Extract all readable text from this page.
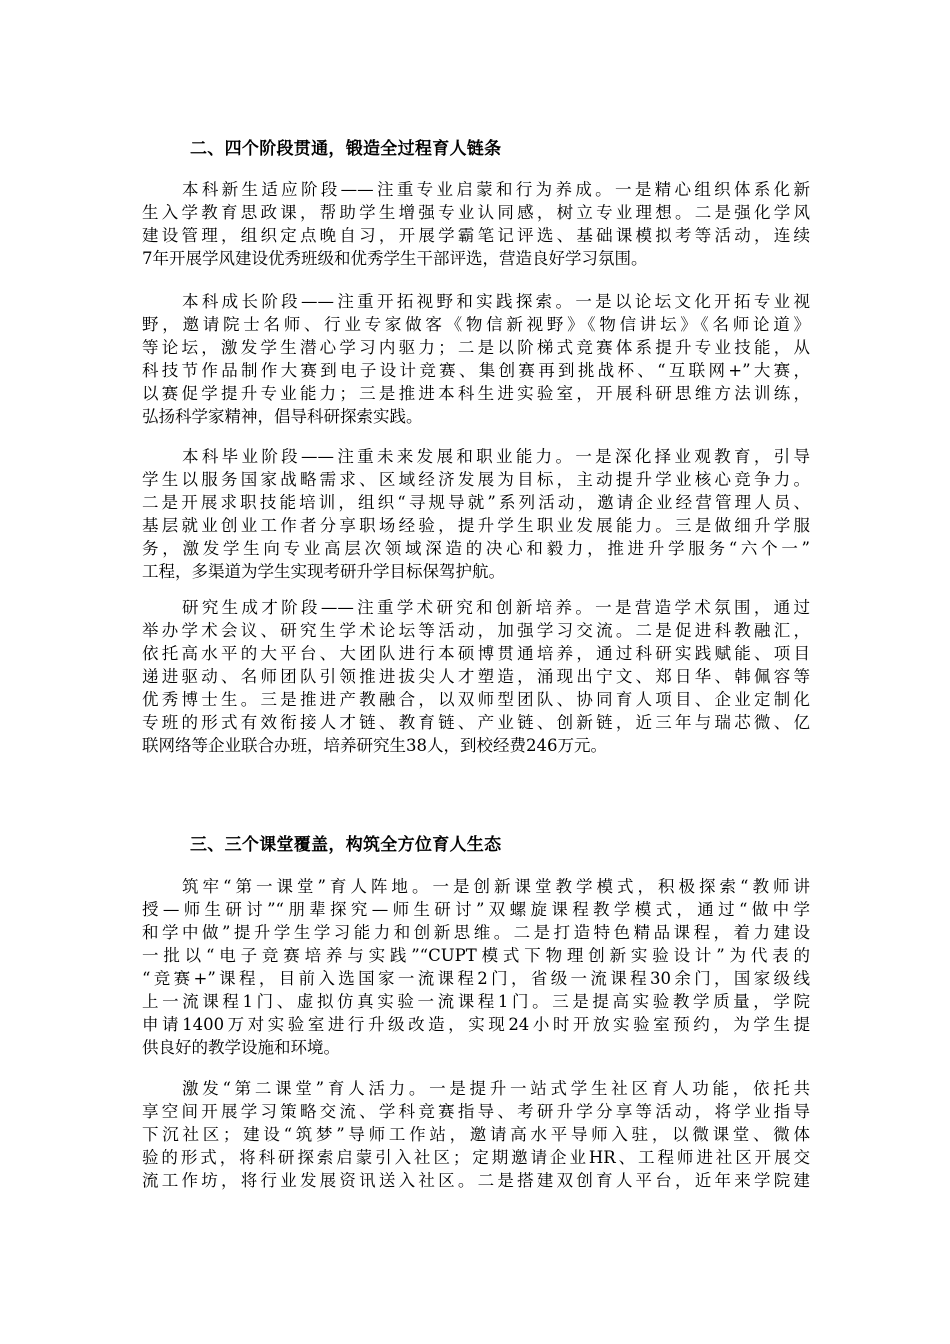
二、四个阶段贯通，锻造全过程育人链条
本科新生适应阶段——注重专业启蒙和行为养成。一是精心组织体系化新
生入学教育思政课，帮助学生增强专业认同感，树立专业理想。二是强化学风
建设管理，组织定点晚自习，开展学霸笔记评选、基础课模拟考等活动，连续
7年开展学风建设优秀班级和优秀学生干部评选，营造良好学习氛围。
本科成长阶段——注重开拓视野和实践探索。一是以论坛文化开拓专业视
野，邀请院士名师、行业专家做客《物信新视野》《物信讲坛》《名师论道》
等论坛，激发学生潜心学习内驱力；二是以阶梯式竞赛体系提升专业技能，从
科技节作品制作大赛到电子设计竞赛、集创赛再到挑战杯、“互联网+”大赛，
以赛促学提升专业能力；三是推进本科生进实验室，开展科研思维方法训练，
弘扬科学家精神，倡导科研探索实践。
本科毕业阶段——注重未来发展和职业能力。一是深化择业观教育，引导
学生以服务国家战略需求、区域经济发展为目标，主动提升学业核心竞争力。
二是开展求职技能培训，组织“寻规导就”系列活动，邀请企业经营管理人员、
基层就业创业工作者分享职场经验，提升学生职业发展能力。三是做细升学服
务，激发学生向专业高层次领域深造的决心和毅力，推进升学服务“六个一”
工程，多渠道为学生实现考研升学目标保驾护航。
研究生成才阶段——注重学术研究和创新培养。一是营造学术氛围，通过
举办学术会议、研究生学术论坛等活动，加强学习交流。二是促进科教融汇，
依托高水平的大平台、大团队进行本硕博贯通培养，通过科研实践赋能、项目
递进驱动、名师团队引领推进拔尖人才塑造，涌现出宁文、郑日华、韩佩容等
优秀博士生。三是推进产教融合，以双师型团队、协同育人项目、企业定制化
专班的形式有效衔接人才链、教育链、产业链、创新链，近三年与瑞芯微、亿
联网络等企业联合办班，培养研究生38人，到校经费246万元。
三、三个课堂覆盖，构筑全方位育人生态
筑牢“第一课堂”育人阵地。一是创新课堂教学模式，积极探索“教师讲
授—师生研讨”“朋辈探究—师生研讨”双螺旋课程教学模式，通过“做中学
和学中做”提升学生学习能力和创新思维。二是打造特色精品课程，着力建设
一批以“电子竞赛培养与实践”“CUPT模式下物理创新实验设计”为代表的
“竞赛+”课程，目前入选国家一流课程2门，省级一流课程30余门，国家级线
上一流课程1门、虚拟仿真实验一流课程1门。三是提高实验教学质量，学院
申请1400万对实验室进行升级改造，实现24小时开放实验室预约，为学生提
供良好的教学设施和环境。
激发“第二课堂”育人活力。一是提升一站式学生社区育人功能，依托共
享空间开展学习策略交流、学科竞赛指导、考研升学分享等活动，将学业指导
下沉社区；建设“筑梦”导师工作站，邀请高水平导师入驻，以微课堂、微体
验的形式，将科研探索启蒙引入社区；定期邀请企业HR、工程师进社区开展交
流工作坊，将行业发展资讯送入社区。二是搭建双创育人平台，近年来学院建
